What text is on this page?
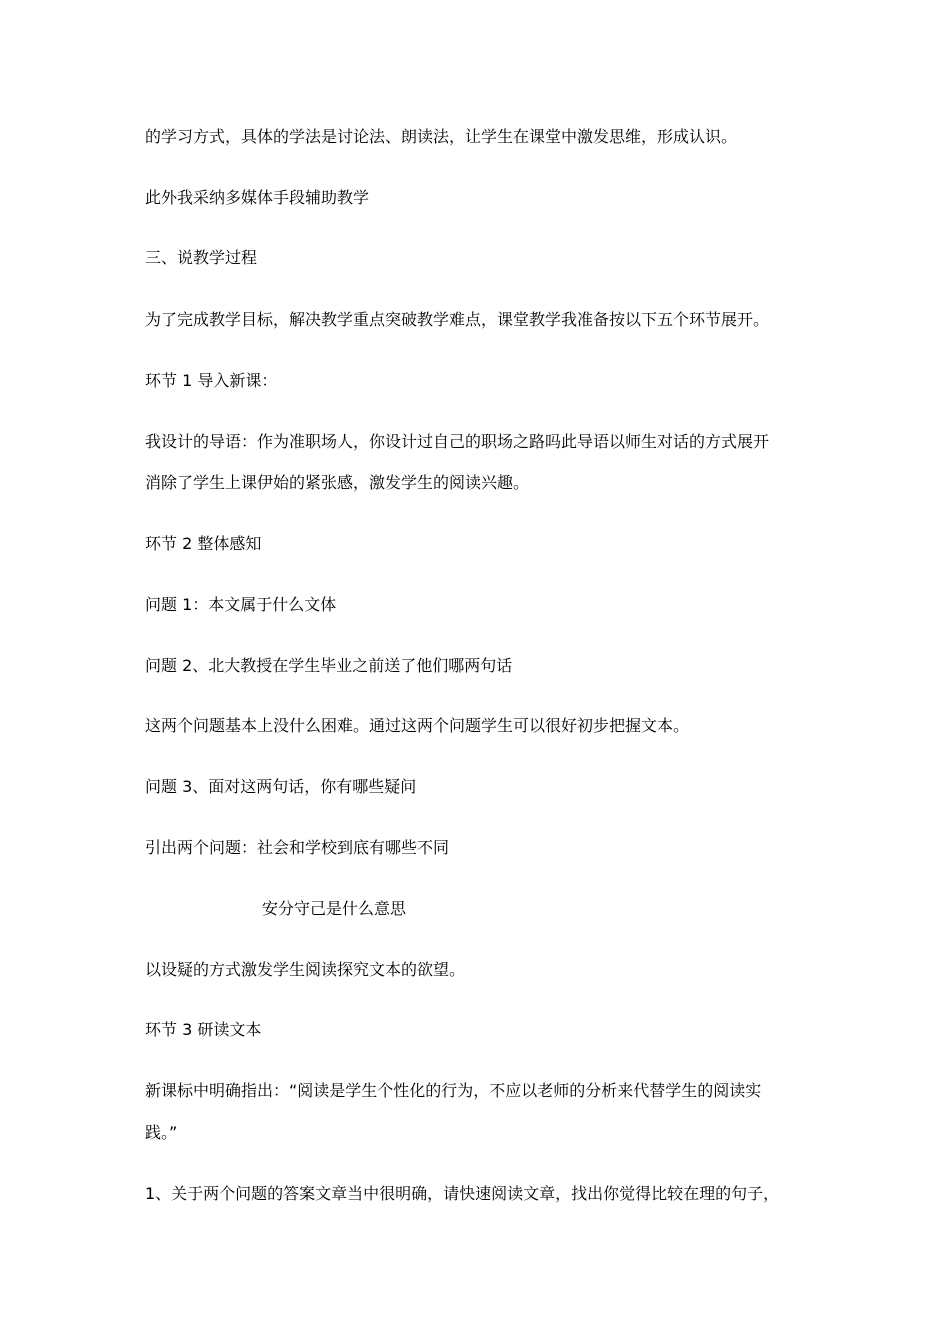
的学习方式，具体的学法是讨论法、朗读法，让学生在课堂中激发思维，形成认识。
此外我采纳多媒体手段辅助教学
三、说教学过程
为了完成教学目标，解决教学重点突破教学难点，课堂教学我准备按以下五个环节展开。
环节 1 导入新课：
我设计的导语：作为准职场人，你设计过自己的职场之路吗此导语以师生对话的方式展开
消除了学生上课伊始的紧张感，激发学生的阅读兴趣。
环节 2 整体感知
问题 1：本文属于什么文体
问题 2、北大教授在学生毕业之前送了他们哪两句话
这两个问题基本上没什么困难。通过这两个问题学生可以很好初步把握文本。
问题 3、面对这两句话，你有哪些疑问
引出两个问题：社会和学校到底有哪些不同
安分守己是什么意思
以设疑的方式激发学生阅读探究文本的欲望。
环节 3 研读文本
新课标中明确指出：“阅读是学生个性化的行为，不应以老师的分析来代替学生的阅读实
践。”
1、关于两个问题的答案文章当中很明确，请快速阅读文章，找出你觉得比较在理的句子，
